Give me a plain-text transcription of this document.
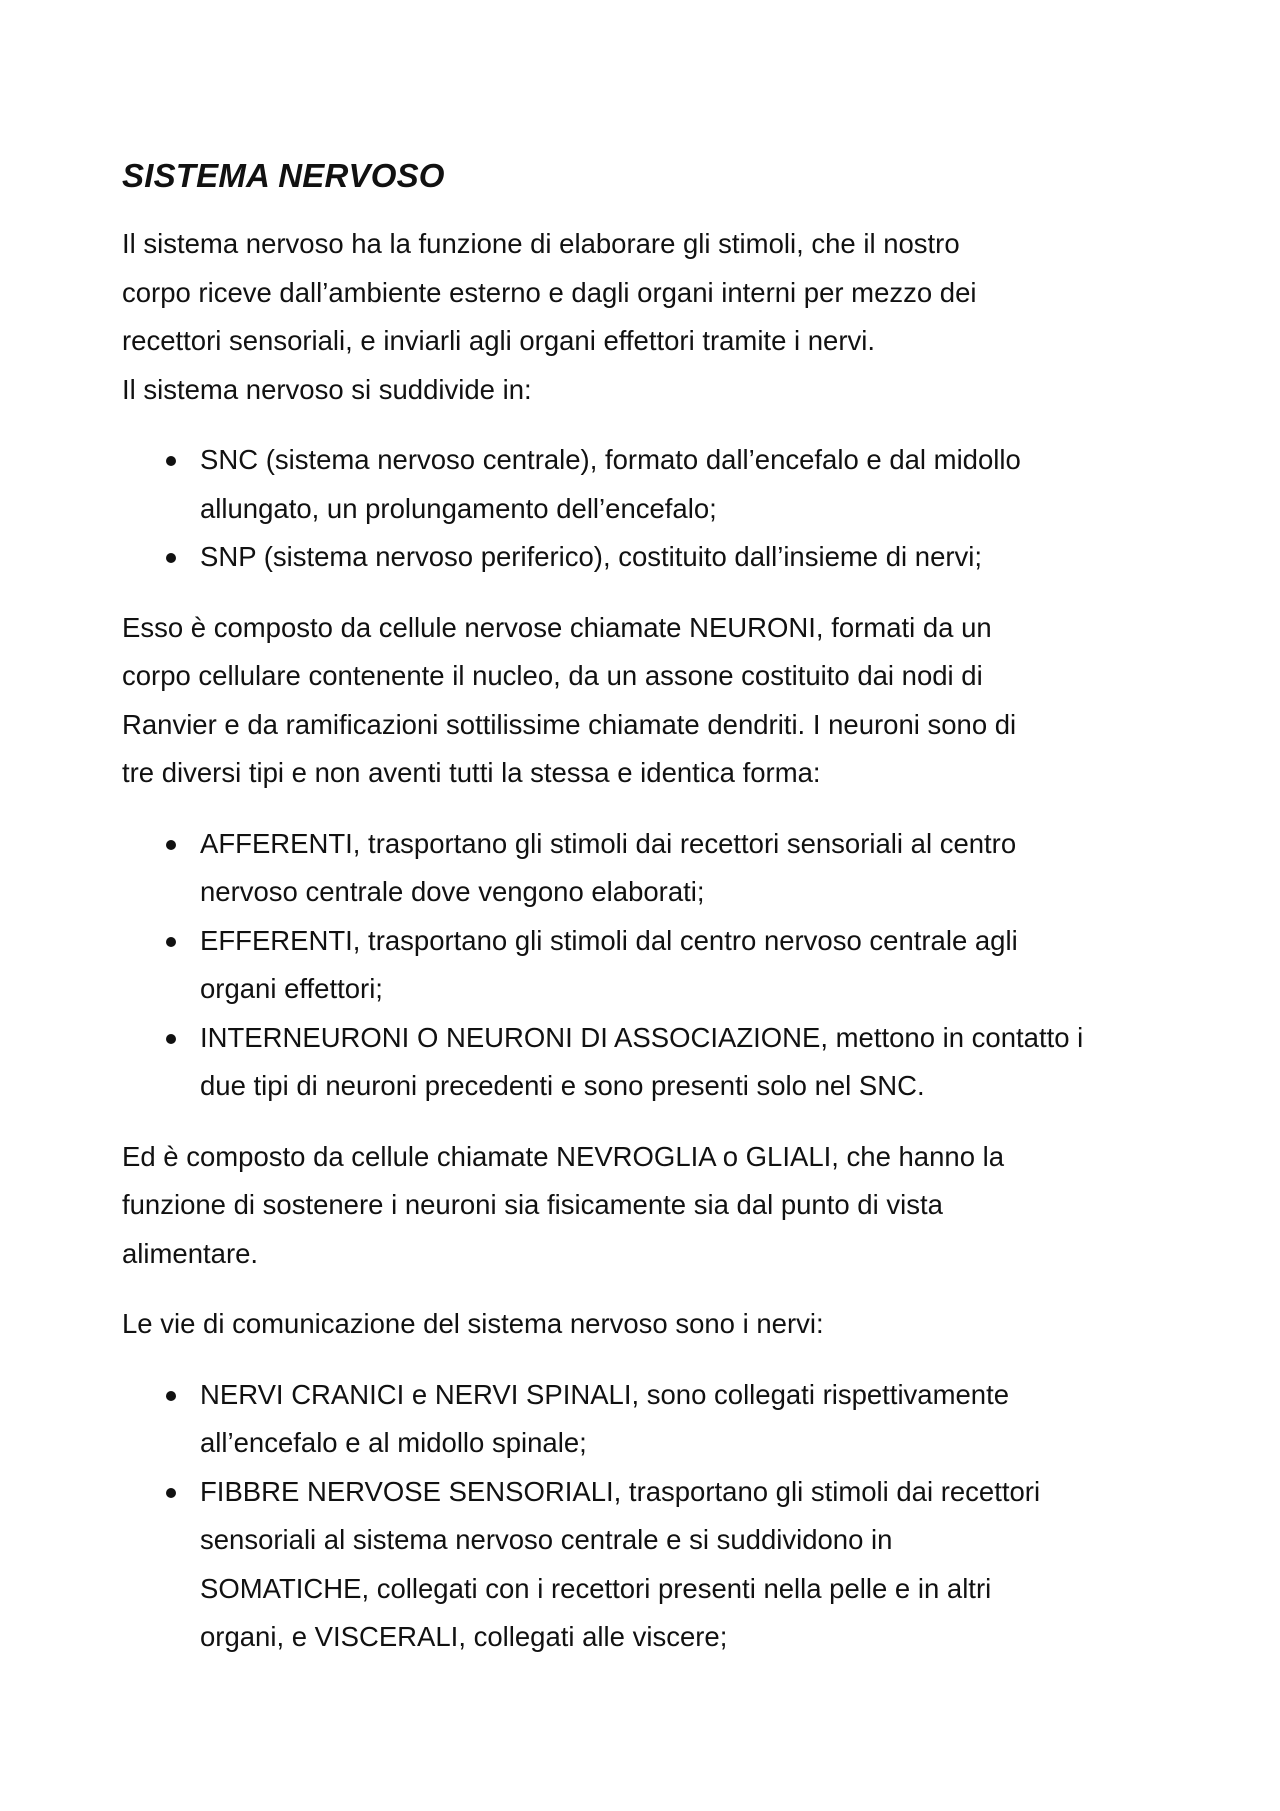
SISTEMA NERVOSO
Il sistema nervoso ha la funzione di elaborare gli stimoli, che il nostro
corpo riceve dall’ambiente esterno e dagli organi interni per mezzo dei
recettori sensoriali, e inviarli agli organi effettori tramite i nervi.
Il sistema nervoso si suddivide in:
SNC (sistema nervoso centrale), formato dall’encefalo e dal midollo
allungato, un prolungamento dell’encefalo;
SNP (sistema nervoso periferico), costituito dall’insieme di nervi;
Esso è composto da cellule nervose chiamate NEURONI, formati da un
corpo cellulare contenente il nucleo, da un assone costituito dai nodi di
Ranvier e da ramificazioni sottilissime chiamate dendriti. I neuroni sono di
tre diversi tipi e non aventi tutti la stessa e identica forma:
AFFERENTI, trasportano gli stimoli dai recettori sensoriali al centro
nervoso centrale dove vengono elaborati;
EFFERENTI, trasportano gli stimoli dal centro nervoso centrale agli
organi effettori;
INTERNEURONI O NEURONI DI ASSOCIAZIONE, mettono in contatto i
due tipi di neuroni precedenti e sono presenti solo nel SNC.
Ed è composto da cellule chiamate NEVROGLIA o GLIALI, che hanno la
funzione di sostenere i neuroni sia fisicamente sia dal punto di vista
alimentare.
Le vie di comunicazione del sistema nervoso sono i nervi:
NERVI CRANICI e NERVI SPINALI, sono collegati rispettivamente
all’encefalo e al midollo spinale;
FIBBRE NERVOSE SENSORIALI, trasportano gli stimoli dai recettori
sensoriali al sistema nervoso centrale e si suddividono in
SOMATICHE, collegati con i recettori presenti nella pelle e in altri
organi, e VISCERALI, collegati alle viscere;
